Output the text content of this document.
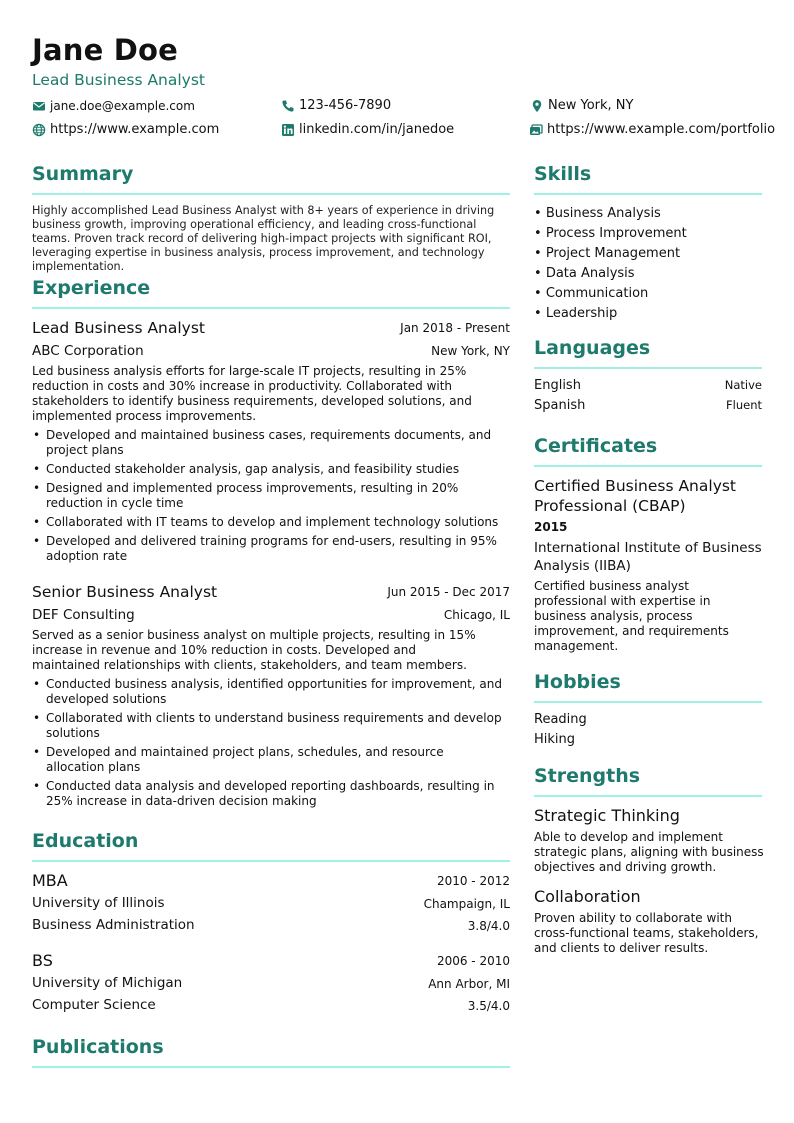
Jane Doe
Lead Business Analyst
jane.doe@example.com	123-456-7890	New York, NY
https://www.example.com	linkedin.com/in/janedoe	https://www.example.com/portfolio
Summary
Highly accomplished Lead Business Analyst with 8+ years of experience in driving business growth, improving operational efficiency, and leading cross-functional teams. Proven track record of delivering high-impact projects with significant ROI, leveraging expertise in business analysis, process improvement, and technology implementation.
Experience
Lead Business Analyst	Jan 2018 - Present
ABC Corporation	New York, NY
Led business analysis efforts for large-scale IT projects, resulting in 25% reduction in costs and 30% increase in productivity. Collaborated with stakeholders to identify business requirements, developed solutions, and implemented process improvements.
• Developed and maintained business cases, requirements documents, and project plans
• Conducted stakeholder analysis, gap analysis, and feasibility studies
• Designed and implemented process improvements, resulting in 20% reduction in cycle time
• Collaborated with IT teams to develop and implement technology solutions
• Developed and delivered training programs for end-users, resulting in 95% adoption rate
Senior Business Analyst	Jun 2015 - Dec 2017
DEF Consulting	Chicago, IL
Served as a senior business analyst on multiple projects, resulting in 15% increase in revenue and 10% reduction in costs. Developed and maintained relationships with clients, stakeholders, and team members.
• Conducted business analysis, identified opportunities for improvement, and developed solutions
• Collaborated with clients to understand business requirements and develop solutions
• Developed and maintained project plans, schedules, and resource allocation plans
• Conducted data analysis and developed reporting dashboards, resulting in 25% increase in data-driven decision making
Education
MBA	2010 - 2012
University of Illinois	Champaign, IL
Business Administration	3.8/4.0
BS	2006 - 2010
University of Michigan	Ann Arbor, MI
Computer Science	3.5/4.0
Publications
Skills
• Business Analysis
• Process Improvement
• Project Management
• Data Analysis
• Communication
• Leadership
Languages
English	Native
Spanish	Fluent
Certificates
Certified Business Analyst Professional (CBAP)
2015
International Institute of Business Analysis (IIBA)
Certified business analyst professional with expertise in business analysis, process improvement, and requirements management.
Hobbies
Reading
Hiking
Strengths
Strategic Thinking
Able to develop and implement strategic plans, aligning with business objectives and driving growth.
Collaboration
Proven ability to collaborate with cross-functional teams, stakeholders, and clients to deliver results.
